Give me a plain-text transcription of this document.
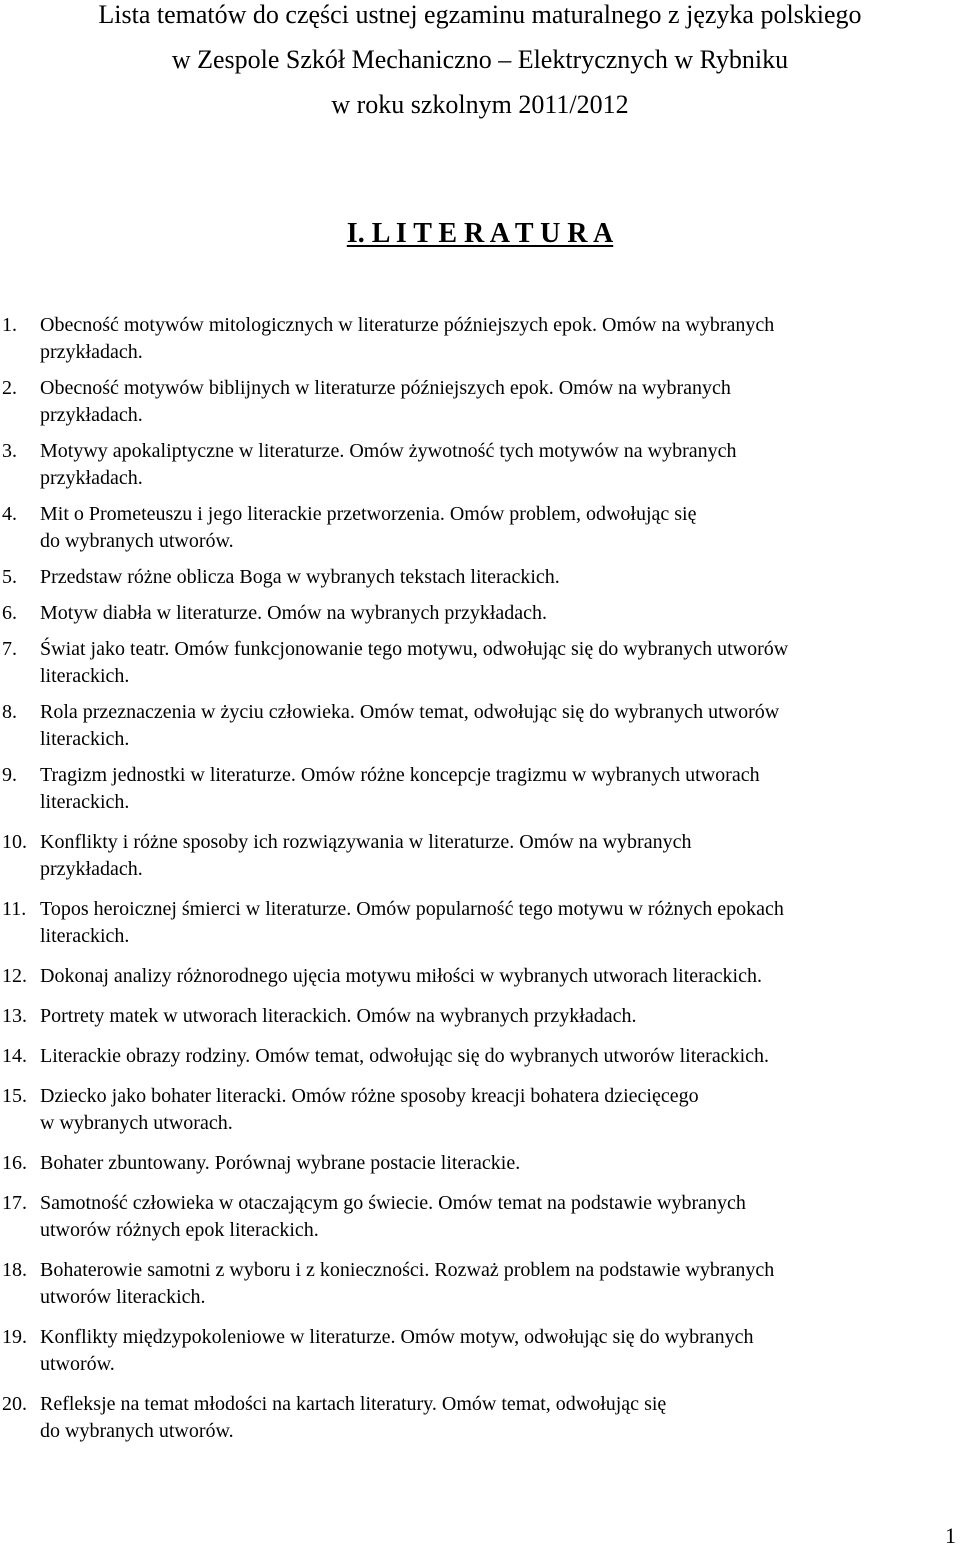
Lista tematów do części ustnej egzaminu maturalnego z języka polskiego
w Zespole Szkół Mechaniczno – Elektrycznych w Rybniku
w roku szkolnym 2011/2012
I. L I T E R A T U R A
1.	Obecność motywów mitologicznych w literaturze późniejszych epok. Omów na wybranych
przykładach.
2.	Obecność motywów biblijnych w literaturze późniejszych epok. Omów na wybranych
przykładach.
3.	Motywy apokaliptyczne w literaturze. Omów żywotność tych motywów na wybranych
przykładach.
4.	Mit o Prometeuszu i jego literackie przetworzenia. Omów problem, odwołując się
do wybranych utworów.
5.	Przedstaw różne oblicza Boga w wybranych tekstach literackich.
6.	Motyw diabła w literaturze. Omów na wybranych przykładach.
7.	Świat jako teatr. Omów funkcjonowanie tego motywu, odwołując się do wybranych utworów
literackich.
8.	Rola przeznaczenia w życiu człowieka. Omów temat, odwołując się do wybranych utworów
literackich.
9.	Tragizm jednostki w literaturze. Omów różne koncepcje tragizmu w wybranych utworach
literackich.
10. Konflikty i różne sposoby ich rozwiązywania w literaturze. Omów na wybranych
przykładach.
11. Topos heroicznej śmierci w literaturze. Omów popularność tego motywu w różnych epokach
literackich.
12. Dokonaj analizy różnorodnego ujęcia motywu miłości w wybranych utworach literackich.
13. Portrety matek w utworach literackich. Omów na wybranych przykładach.
14. Literackie obrazy rodziny. Omów temat, odwołując się do wybranych utworów literackich.
15. Dziecko jako bohater literacki. Omów różne sposoby kreacji bohatera dziecięcego
w wybranych utworach.
16. Bohater zbuntowany. Porównaj wybrane postacie literackie.
17. Samotność człowieka w otaczającym go świecie. Omów temat na podstawie wybranych
utworów różnych epok literackich.
18. Bohaterowie samotni z wyboru i z konieczności. Rozważ problem na podstawie wybranych
utworów literackich.
19. Konflikty międzypokoleniowe w literaturze. Omów motyw, odwołując się do wybranych
utworów.
20. Refleksje na temat młodości na kartach literatury. Omów temat, odwołując się
do wybranych utworów.
1
